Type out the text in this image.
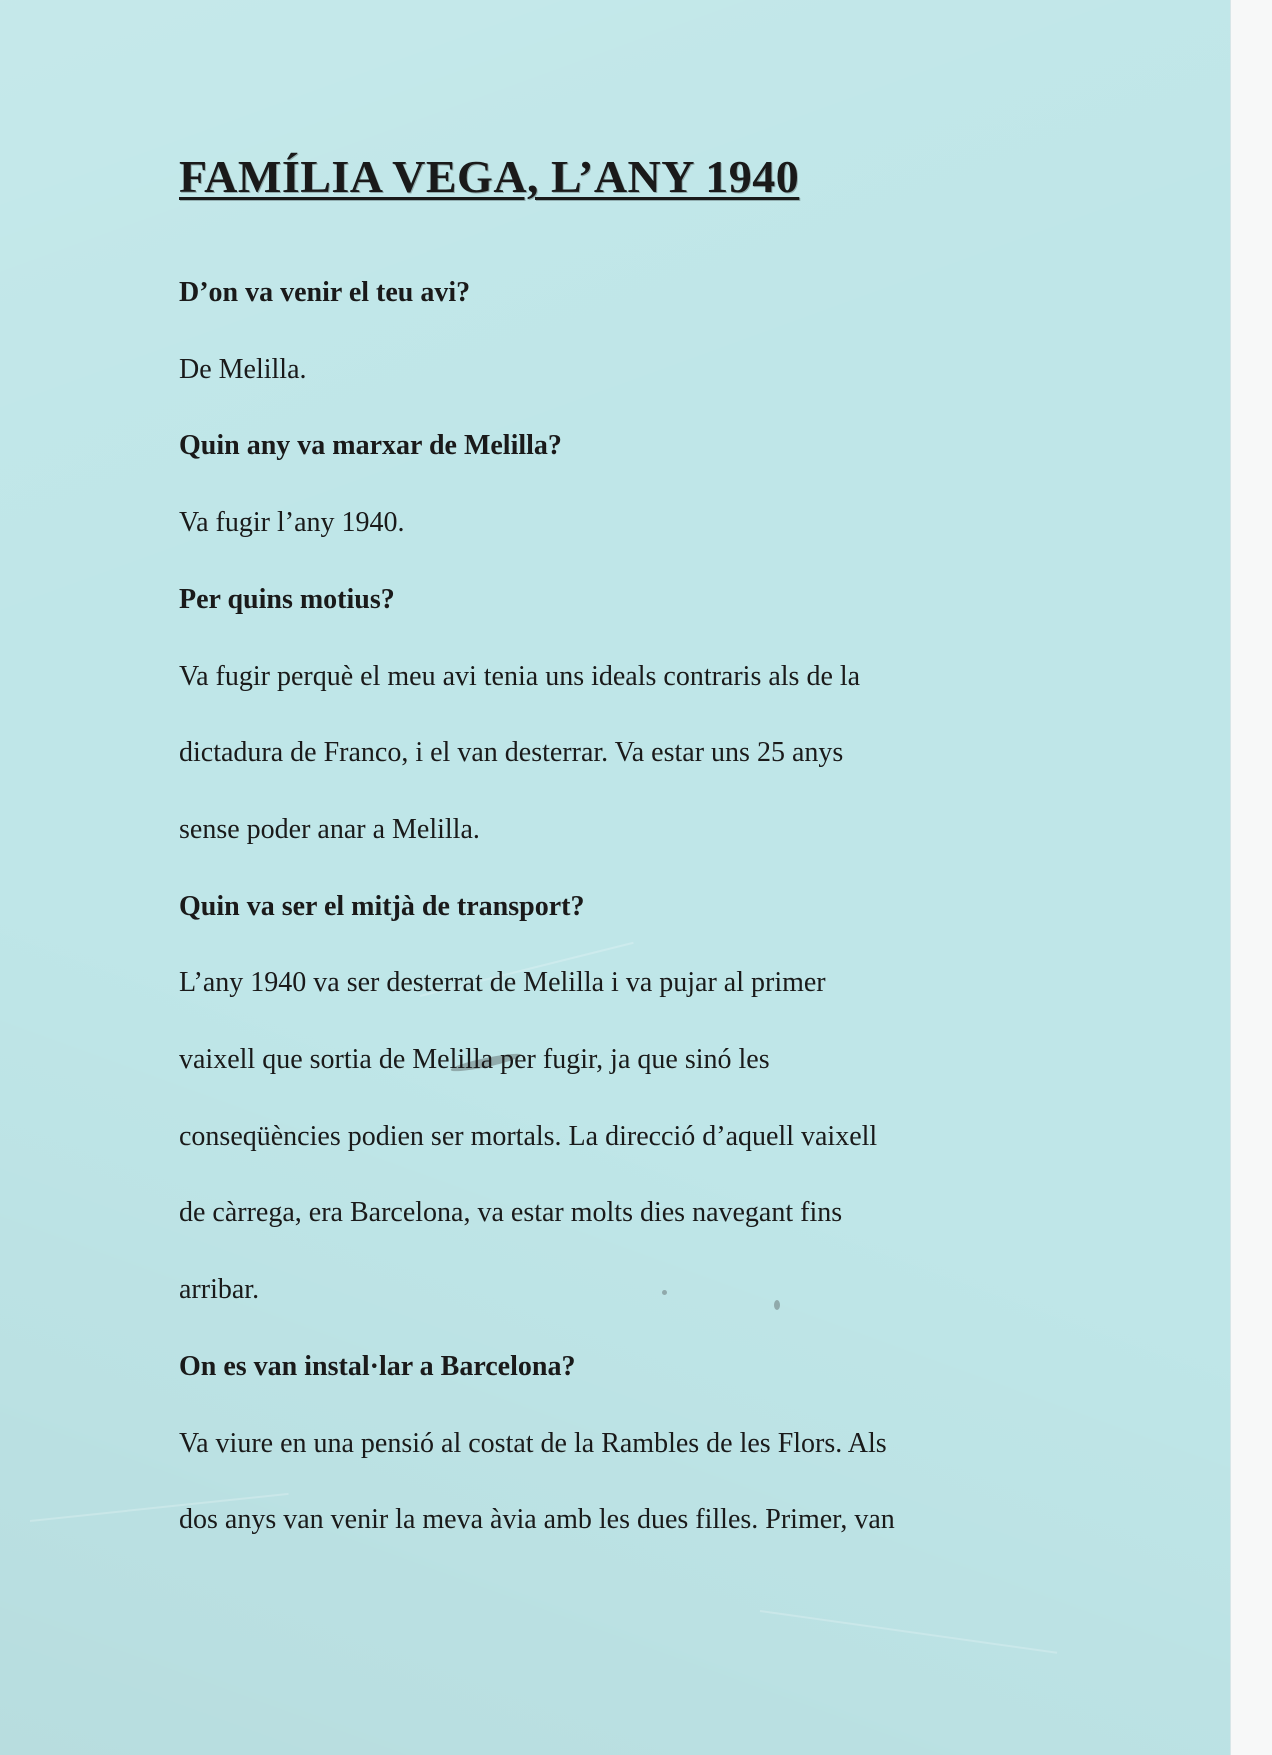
FAMÍLIA VEGA, L’ANY 1940

D’on va venir el teu avi?

De Melilla.

Quin any va marxar de Melilla?

Va fugir l’any 1940.

Per quins motius?

Va fugir perquè el meu avi tenia uns ideals contraris als de la

dictadura de Franco, i el van desterrar. Va estar uns 25 anys

sense poder anar a Melilla.

Quin va ser el mitjà de transport?

L’any 1940 va ser desterrat de Melilla i va pujar al primer

vaixell que sortia de Melilla per fugir, ja que sinó les

conseqüències podien ser mortals. La direcció d’aquell vaixell

de càrrega, era Barcelona, va estar molts dies navegant fins

arribar.

On es van instal·lar a Barcelona?

Va viure en una pensió al costat de la Rambles de les Flors. Als

dos anys van venir la meva àvia amb les dues filles. Primer, van
